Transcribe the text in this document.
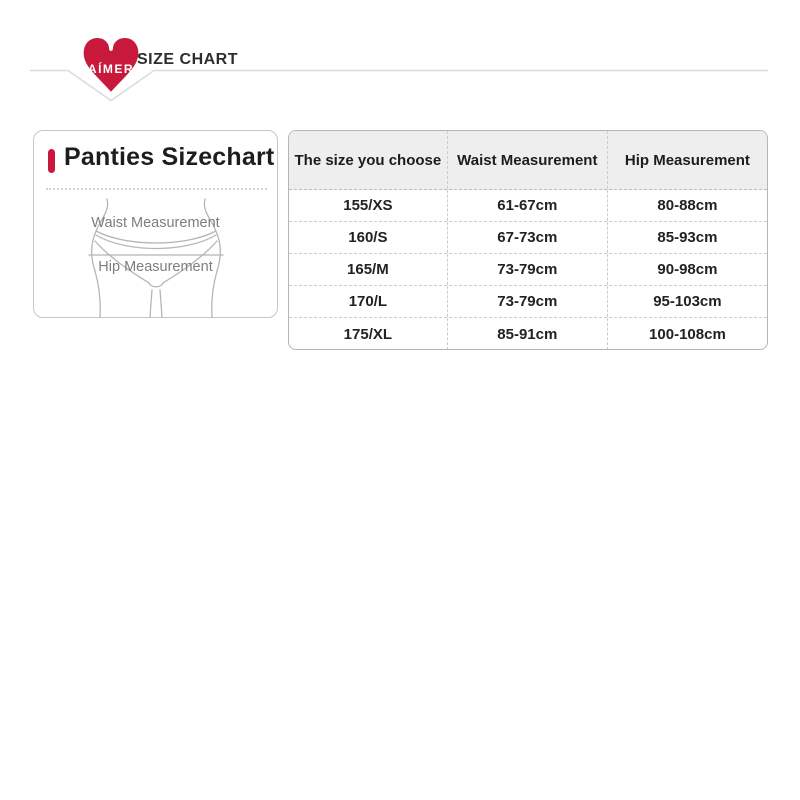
AÍMER
SIZE CHART
Panties Sizechart
Waist Measurement
Hip Measurement
The size you choose	Waist Measurement	Hip Measurement
155/XS	61-67cm	80-88cm
160/S	67-73cm	85-93cm
165/M	73-79cm	90-98cm
170/L	73-79cm	95-103cm
175/XL	85-91cm	100-108cm
